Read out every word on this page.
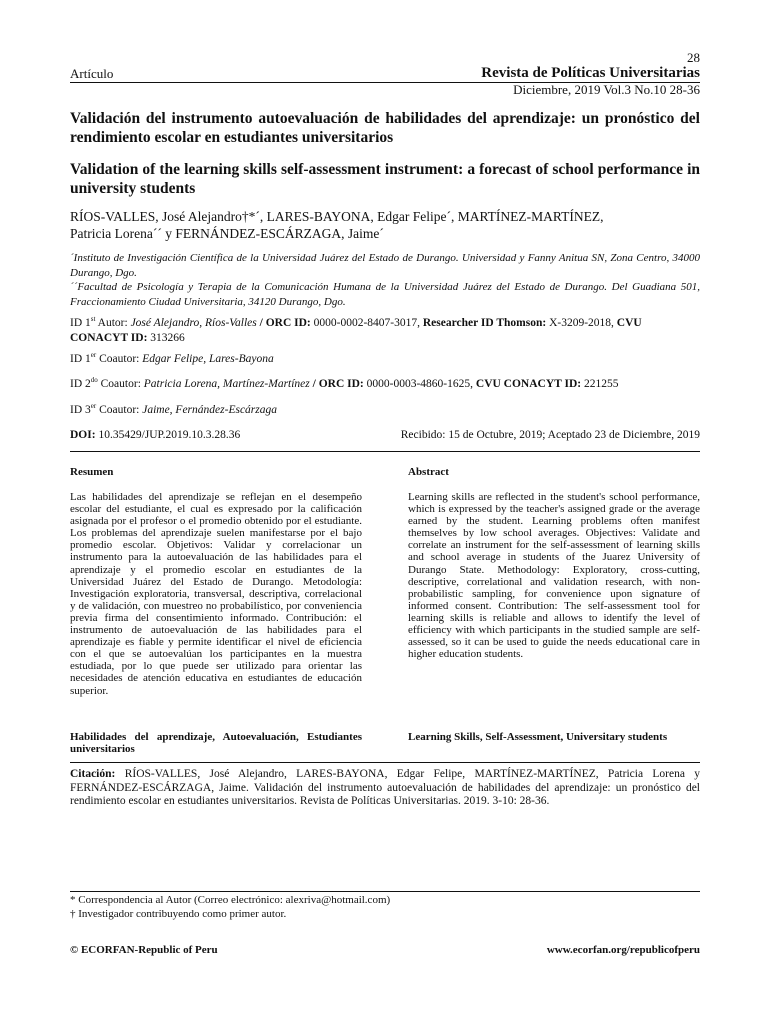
28
Artículo	Revista de Políticas Universitarias
Diciembre, 2019 Vol.3 No.10 28-36
Validación del instrumento autoevaluación de habilidades del aprendizaje: un pronóstico del rendimiento escolar en estudiantes universitarios
Validation of the learning skills self-assessment instrument: a forecast of school performance in university students
RÍOS-VALLES, José Alejandro†*´, LARES-BAYONA, Edgar Felipe´, MARTÍNEZ-MARTÍNEZ,
Patricia Lorena´´ y FERNÁNDEZ-ESCÁRZAGA, Jaime´
´Instituto de Investigación Científica de la Universidad Juárez del Estado de Durango. Universidad y Fanny Anitua SN, Zona Centro, 34000 Durango, Dgo.
´´Facultad de Psicología y Terapia de la Comunicación Humana de la Universidad Juárez del Estado de Durango. Del Guadiana 501, Fraccionamiento Ciudad Universitaria, 34120 Durango, Dgo.
ID 1st Autor: José Alejandro, Ríos-Valles / ORC ID: 0000-0002-8407-3017, Researcher ID Thomson: X-3209-2018, CVU CONACYT ID: 313266
ID 1er Coautor: Edgar Felipe, Lares-Bayona
ID $2^{do}$ Coautor: Patricia Lorena, Martínez-Martínez / ORC ID: 0000-0003-4860-1625, CVU CONACYT ID: 221255
ID 3er Coautor: Jaime, Fernández-Escárzaga
DOI: 10.35429/JUP.2019.10.3.28.36	Recibido: 15 de Octubre, 2019; Aceptado 23 de Diciembre, 2019
Resumen	Abstract

Las habilidades del aprendizaje se reflejan en el desempeño escolar del estudiante, el cual es expresado por la calificación asignada por el profesor o el promedio obtenido por el estudiante. Los problemas del aprendizaje suelen manifestarse por el bajo promedio escolar. Objetivos: Validar y correlacionar un instrumento para la autoevaluación de las habilidades para el aprendizaje y el promedio escolar en estudiantes de la Universidad Juárez del Estado de Durango. Metodología: Investigación exploratoria, transversal, descriptiva, correlacional y de validación, con muestreo no probabilístico, por conveniencia previa firma del consentimiento informado. Contribución: el instrumento de autoevaluación de las habilidades para el aprendizaje es fiable y permite identificar el nivel de eficiencia con el que se autoevalúan los participantes en la muestra estudiada, por lo que puede ser utilizado para orientar las necesidades de atención educativa en estudiantes de educación superior.

Learning skills are reflected in the student's school performance, which is expressed by the teacher's assigned grade or the average earned by the student. Learning problems often manifest themselves by low school averages. Objectives: Validate and correlate an instrument for the self-assessment of learning skills and school average in students of the Juarez University of Durango State. Methodology: Exploratory, cross-cutting, descriptive, correlational and validation research, with non-probabilistic sampling, for convenience upon signature of informed consent. Contribution: The self-assessment tool for learning skills is reliable and allows to identify the level of efficiency with which participants in the studied sample are self-assessed, so it can be used to guide the needs educational care in higher education students.

Habilidades del aprendizaje, Autoevaluación, Estudiantes universitarios
Learning Skills, Self-Assessment, Universitary students

Citación: RÍOS-VALLES, José Alejandro, LARES-BAYONA, Edgar Felipe, MARTÍNEZ-MARTÍNEZ, Patricia Lorena y FERNÁNDEZ-ESCÁRZAGA, Jaime. Validación del instrumento autoevaluación de habilidades del aprendizaje: un pronóstico del rendimiento escolar en estudiantes universitarios. Revista de Políticas Universitarias. 2019. 3-10: 28-36.

* Correspondencia al Autor (Correo electrónico: alexriva@hotmail.com)
† Investigador contribuyendo como primer autor.
© ECORFAN-Republic of Peru	www.ecorfan.org/republicofperu
